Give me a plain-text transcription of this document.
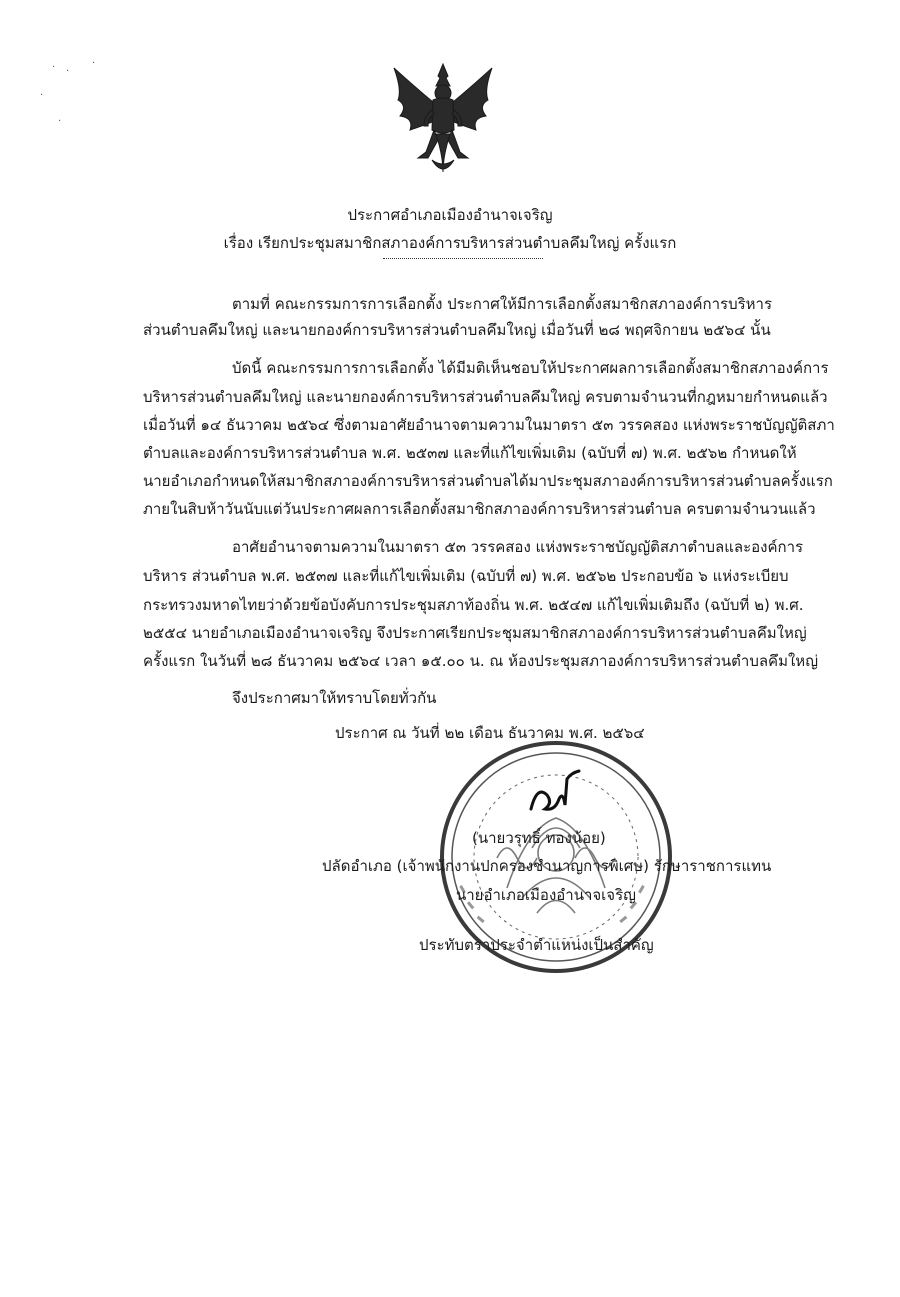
· ·
·
·
·
ประกาศอำเภอเมืองอำนาจเจริญ
เรื่อง เรียกประชุมสมาชิกสภาองค์การบริหารส่วนตำบลคึมใหญ่ ครั้งแรก
ตามที่ คณะกรรมการการเลือกตั้ง ประกาศให้มีการเลือกตั้งสมาชิกสภาองค์การบริหาร
ส่วนตำบลคึมใหญ่ และนายกองค์การบริหารส่วนตำบลคึมใหญ่ เมื่อวันที่ ๒๘ พฤศจิกายน ๒๕๖๔ นั้น
บัดนี้ คณะกรรมการการเลือกตั้ง ได้มีมติเห็นชอบให้ประกาศผลการเลือกตั้งสมาชิกสภาองค์การ
บริหารส่วนตำบลคึมใหญ่ และนายกองค์การบริหารส่วนตำบลคึมใหญ่ ครบตามจำนวนที่กฎหมายกำหนดแล้ว
เมื่อวันที่ ๑๔ ธันวาคม ๒๕๖๔ ซึ่งตามอาศัยอำนาจตามความในมาตรา ๕๓ วรรคสอง แห่งพระราชบัญญัติสภา
ตำบลและองค์การบริหารส่วนตำบล พ.ศ. ๒๕๓๗ และที่แก้ไขเพิ่มเติม (ฉบับที่ ๗) พ.ศ. ๒๕๖๒ กำหนดให้
นายอำเภอกำหนดให้สมาชิกสภาองค์การบริหารส่วนตำบลได้มาประชุมสภาองค์การบริหารส่วนตำบลครั้งแรก
ภายในสิบห้าวันนับแต่วันประกาศผลการเลือกตั้งสมาชิกสภาองค์การบริหารส่วนตำบล ครบตามจำนวนแล้ว
อาศัยอำนาจตามความในมาตรา ๕๓ วรรคสอง แห่งพระราชบัญญัติสภาตำบลและองค์การ
บริหาร ส่วนตำบล พ.ศ. ๒๕๓๗ และที่แก้ไขเพิ่มเติม (ฉบับที่ ๗) พ.ศ. ๒๕๖๒ ประกอบข้อ ๖ แห่งระเบียบ
กระทรวงมหาดไทยว่าด้วยข้อบังคับการประชุมสภาท้องถิ่น พ.ศ. ๒๕๔๗ แก้ไขเพิ่มเติมถึง (ฉบับที่ ๒) พ.ศ.
๒๕๕๔ นายอำเภอเมืองอำนาจเจริญ จึงประกาศเรียกประชุมสมาชิกสภาองค์การบริหารส่วนตำบลคึมใหญ่
ครั้งแรก ในวันที่ ๒๘ ธันวาคม ๒๕๖๔ เวลา ๑๕.๐๐ น. ณ ห้องประชุมสภาองค์การบริหารส่วนตำบลคึมใหญ่
จึงประกาศมาให้ทราบโดยทั่วกัน
ประกาศ ณ วันที่ ๒๒ เดือน ธันวาคม พ.ศ. ๒๕๖๔
(นายวรุทธิ์ ทองน้อย)
ปลัดอำเภอ (เจ้าพนักงานปกครองชำนาญการพิเศษ) รักษาราชการแทน
นายอำเภอเมืองอำนาจเจริญ
ประทับตราประจำตำแหน่งเป็นสำคัญ
